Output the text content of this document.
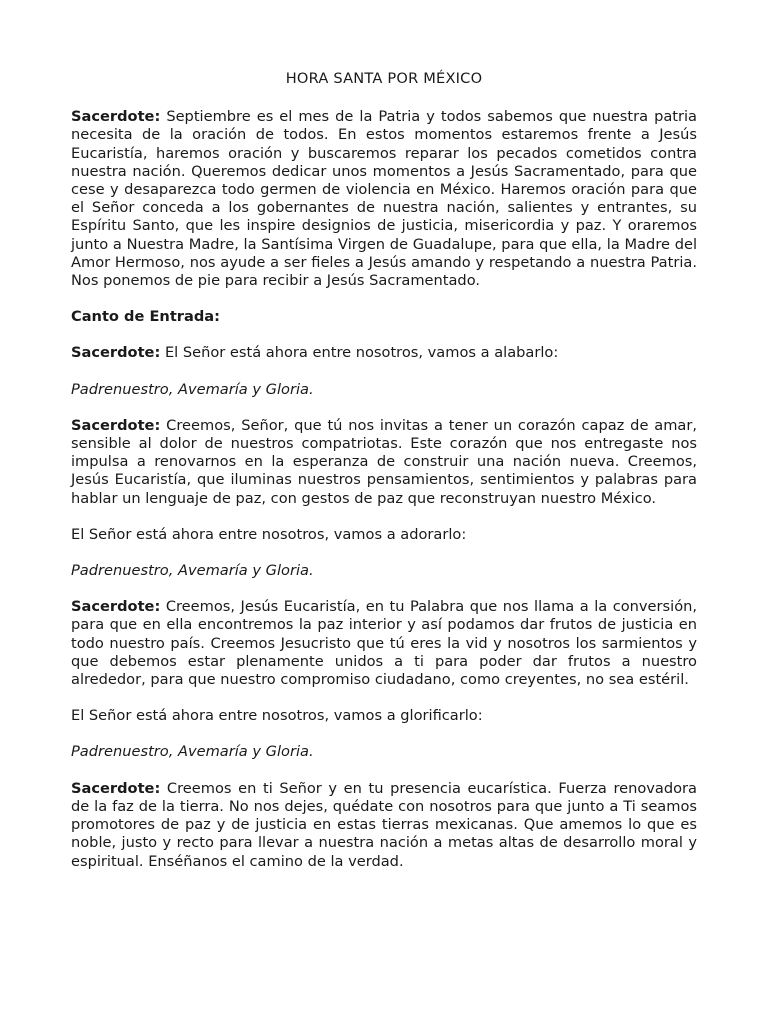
HORA SANTA POR MÉXICO

Sacerdote: Septiembre es el mes de la Patria y todos sabemos que nuestra patria necesita de la oración de todos. En estos momentos estaremos frente a Jesús Eucaristía, haremos oración y buscaremos reparar los pecados cometidos contra nuestra nación. Queremos dedicar unos momentos a Jesús Sacramentado, para que cese y desaparezca todo germen de violencia en México. Haremos oración para que el Señor conceda a los gobernantes de nuestra nación, salientes y entrantes, su Espíritu Santo, que les inspire designios de justicia, misericordia y paz. Y oraremos junto a Nuestra Madre, la Santísima Virgen de Guadalupe, para que ella, la Madre del Amor Hermoso, nos ayude a ser fieles a Jesús amando y respetando a nuestra Patria. Nos ponemos de pie para recibir a Jesús Sacramentado.

Canto de Entrada:

Sacerdote: El Señor está ahora entre nosotros, vamos a alabarlo:

Padrenuestro, Avemaría y Gloria.

Sacerdote: Creemos, Señor, que tú nos invitas a tener un corazón capaz de amar, sensible al dolor de nuestros compatriotas. Este corazón que nos entregaste nos impulsa a renovarnos en la esperanza de construir una nación nueva. Creemos, Jesús Eucaristía, que iluminas nuestros pensamientos, sentimientos y palabras para hablar un lenguaje de paz, con gestos de paz que reconstruyan nuestro México.

El Señor está ahora entre nosotros, vamos a adorarlo:

Padrenuestro, Avemaría y Gloria.

Sacerdote: Creemos, Jesús Eucaristía, en tu Palabra que nos llama a la conversión, para que en ella encontremos la paz interior y así podamos dar frutos de justicia en todo nuestro país. Creemos Jesucristo que tú eres la vid y nosotros los sarmientos y que debemos estar plenamente unidos a ti para poder dar frutos a nuestro alrededor, para que nuestro compromiso ciudadano, como creyentes, no sea estéril.

El Señor está ahora entre nosotros, vamos a glorificarlo:

Padrenuestro, Avemaría y Gloria.

Sacerdote: Creemos en ti Señor y en tu presencia eucarística. Fuerza renovadora de la faz de la tierra. No nos dejes, quédate con nosotros para que junto a Ti seamos promotores de paz y de justicia en estas tierras mexicanas. Que amemos lo que es noble, justo y recto para llevar a nuestra nación a metas altas de desarrollo moral y espiritual. Enséñanos el camino de la verdad.
